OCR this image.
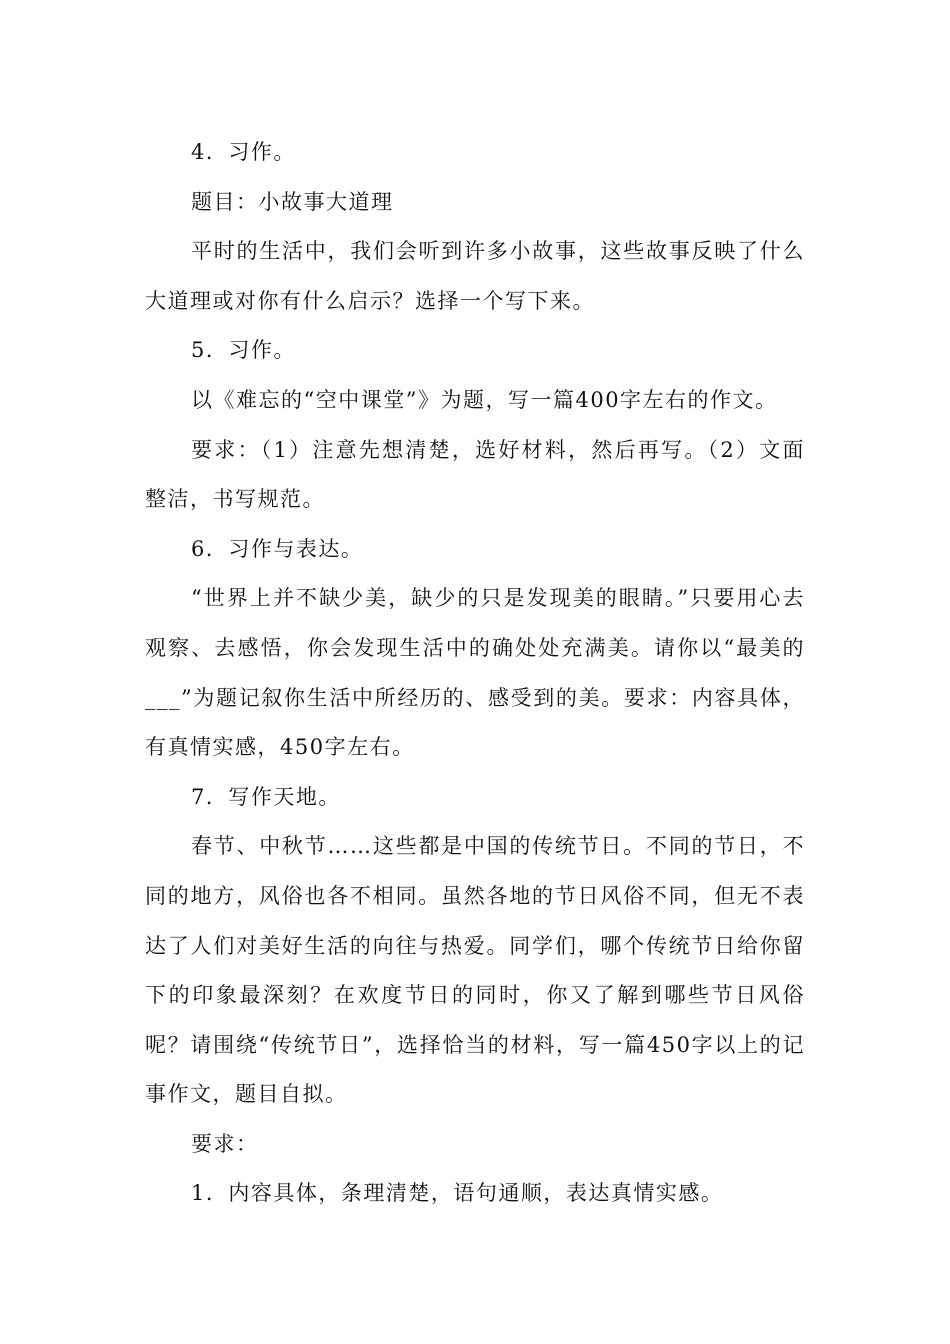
4．习作。

题目：小故事大道理

平时的生活中，我们会听到许多小故事，这些故事反映了什么大道理或对你有什么启示？选择一个写下来。

5．习作。

以《难忘的“空中课堂”》为题，写一篇400字左右的作文。

要求：（1）注意先想清楚，选好材料，然后再写。（2）文面整洁，书写规范。

6．习作与表达。

“世界上并不缺少美，缺少的只是发现美的眼睛。”只要用心去观察、去感悟，你会发现生活中的确处处充满美。请你以“最美的___”为题记叙你生活中所经历的、感受到的美。要求：内容具体，有真情实感，450字左右。

7．写作天地。

春节、中秋节……这些都是中国的传统节日。不同的节日，不同的地方，风俗也各不相同。虽然各地的节日风俗不同，但无不表达了人们对美好生活的向往与热爱。同学们，哪个传统节日给你留下的印象最深刻？在欢度节日的同时，你又了解到哪些节日风俗呢？请围绕“传统节日”，选择恰当的材料，写一篇450字以上的记事作文，题目自拟。

要求：

1．内容具体，条理清楚，语句通顺，表达真情实感。
